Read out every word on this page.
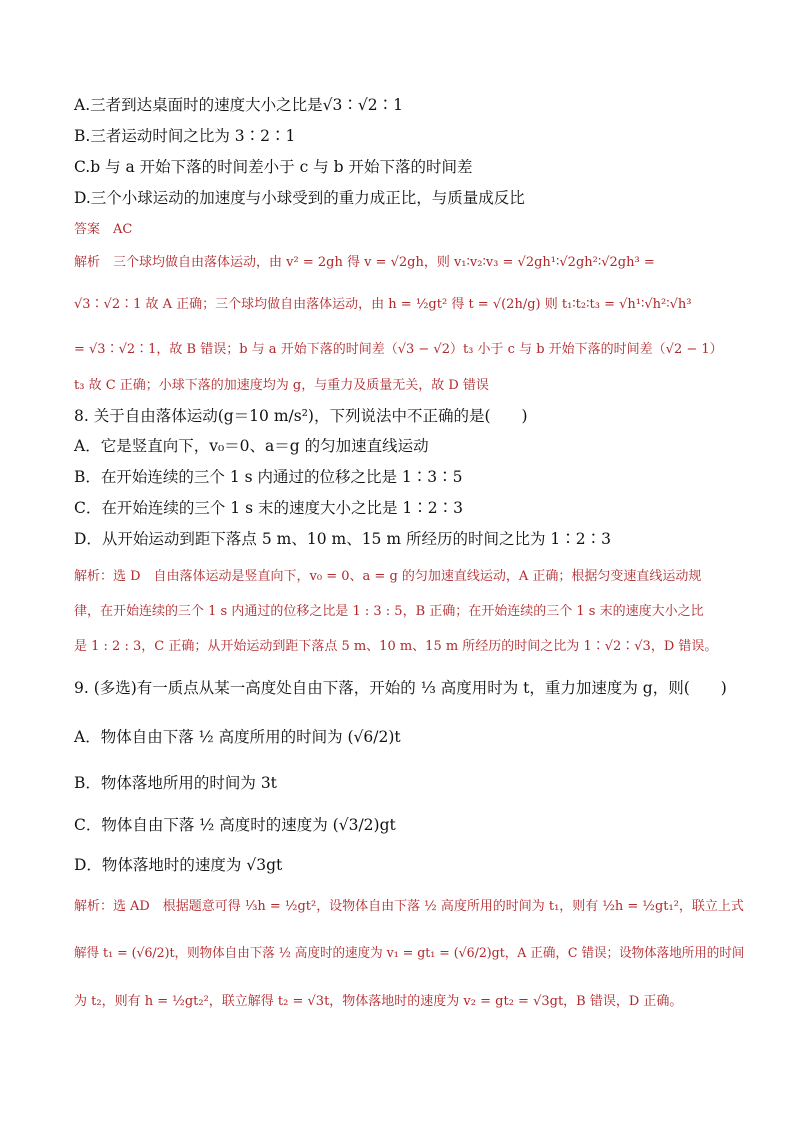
A.三者到达桌面时的速度大小之比是√3∶√2∶1
B.三者运动时间之比为 3∶2∶1
C.b 与 a 开始下落的时间差小于 c 与 b 开始下落的时间差
D.三个小球运动的加速度与小球受到的重力成正比，与质量成反比
答案　AC
解析　三个球均做自由落体运动，由 v² = 2gh 得 v = √2gh，则 v₁∶v₂∶v₃ = √2gh¹∶√2gh²∶√2gh³ =
√3∶√2∶1 故 A 正确；三个球均做自由落体运动，由 h = ½gt² 得 t = √(2h/g) 则 t₁∶t₂∶t₃ = √h¹∶√h²∶√h³
= √3∶√2∶1，故 B 错误；b 与 a 开始下落的时间差（√3 − √2）t₃ 小于 c 与 b 开始下落的时间差（√2 − 1）
t₃ 故 C 正确；小球下落的加速度均为 g，与重力及质量无关，故 D 错误
8. 关于自由落体运动(g＝10 m/s²)，下列说法中不正确的是(　　)
A．它是竖直向下，v₀＝0、a＝g 的匀加速直线运动
B．在开始连续的三个 1 s 内通过的位移之比是 1∶3∶5
C．在开始连续的三个 1 s 末的速度大小之比是 1∶2∶3
D．从开始运动到距下落点 5 m、10 m、15 m 所经历的时间之比为 1∶2∶3
解析：选 D　自由落体运动是竖直向下，v₀ = 0、a = g 的匀加速直线运动，A 正确；根据匀变速直线运动规
律，在开始连续的三个 1 s 内通过的位移之比是 1 : 3 : 5，B 正确；在开始连续的三个 1 s 末的速度大小之比
是 1 : 2 : 3，C 正确；从开始运动到距下落点 5 m、10 m、15 m 所经历的时间之比为 1∶√2∶√3，D 错误。
9. (多选)有一质点从某一高度处自由下落，开始的 ⅓ 高度用时为 t，重力加速度为 g，则(　　)
A．物体自由下落 ½ 高度所用的时间为 (√6/2)t
B．物体落地所用的时间为 3t
C．物体自由下落 ½ 高度时的速度为 (√3/2)gt
D．物体落地时的速度为 √3gt
解析：选 AD　根据题意可得 ⅓h = ½gt²，设物体自由下落 ½ 高度所用的时间为 t₁，则有 ½h = ½gt₁²，联立上式
解得 t₁ = (√6/2)t，则物体自由下落 ½ 高度时的速度为 v₁ = gt₁ = (√6/2)gt，A 正确，C 错误；设物体落地所用的时间
为 t₂，则有 h = ½gt₂²，联立解得 t₂ = √3t，物体落地时的速度为 v₂ = gt₂ = √3gt，B 错误，D 正确。
